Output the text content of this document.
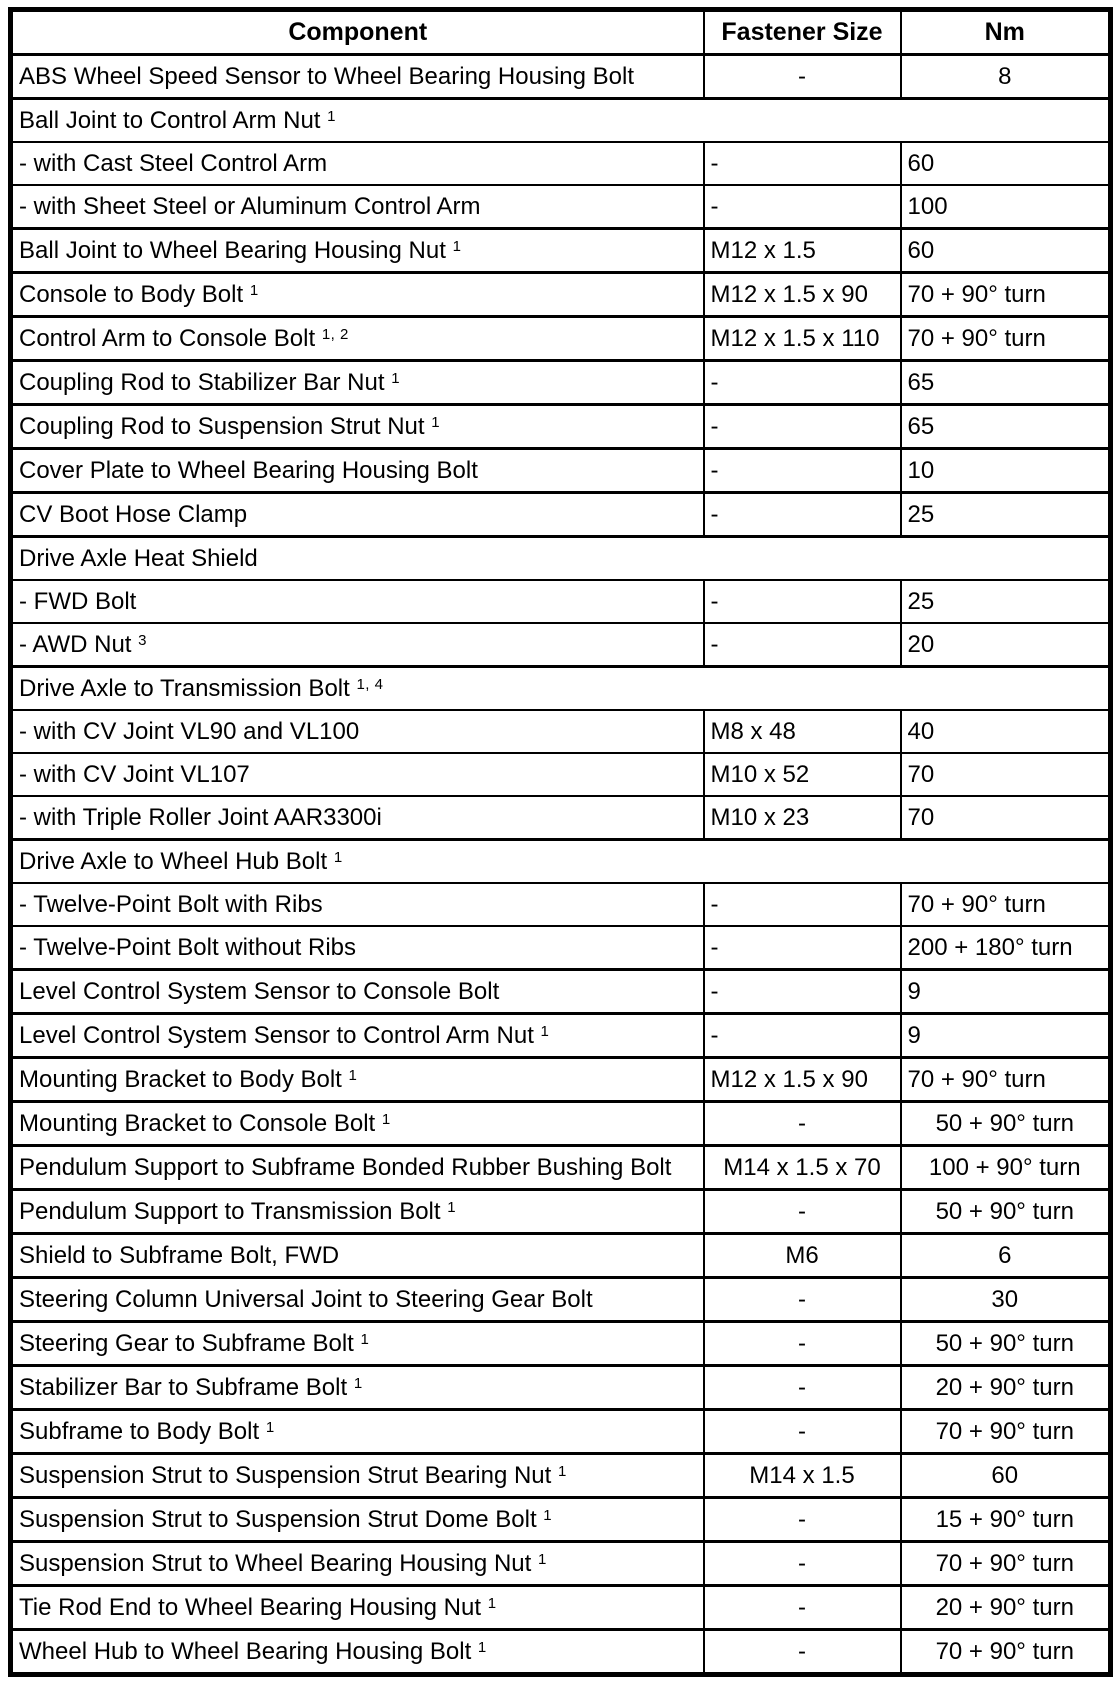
Component	Fastener Size	Nm
ABS Wheel Speed Sensor to Wheel Bearing Housing Bolt	-	8
Ball Joint to Control Arm Nut $^1$
- with Cast Steel Control Arm	-	60
- with Sheet Steel or Aluminum Control Arm	-	100
Ball Joint to Wheel Bearing Housing Nut $^1$	M12 x 1.5	60
Console to Body Bolt $^1$	M12 x 1.5 x 90	70 + 90° turn
Control Arm to Console Bolt $^{1, 2}$	M12 x 1.5 x 110	70 + 90° turn
Coupling Rod to Stabilizer Bar Nut $^1$	-	65
Coupling Rod to Suspension Strut Nut $^1$	-	65
Cover Plate to Wheel Bearing Housing Bolt	-	10
CV Boot Hose Clamp	-	25
Drive Axle Heat Shield		
- FWD Bolt	-	25
- AWD Nut $^3$	-	20
Drive Axle to Transmission Bolt $^{1, 4}$
- with CV Joint VL90 and VL100	M8 x 48	40
- with CV Joint VL107	M10 x 52	70
- with Triple Roller Joint AAR3300i	M10 x 23	70
Drive Axle to Wheel Hub Bolt $^1$
- Twelve-Point Bolt with Ribs	-	70 + 90° turn
- Twelve-Point Bolt without Ribs	-	200 + 180° turn
Level Control System Sensor to Console Bolt	-	9
Level Control System Sensor to Control Arm Nut $^1$	-	9
Mounting Bracket to Body Bolt $^1$	M12 x 1.5 x 90	70 + 90° turn
Mounting Bracket to Console Bolt $^1$	-	50 + 90° turn
Pendulum Support to Subframe Bonded Rubber Bushing Bolt	M14 x 1.5 x 70	100 + 90° turn
Pendulum Support to Transmission Bolt $^1$	-	50 + 90° turn
Shield to Subframe Bolt, FWD	M6	6
Steering Column Universal Joint to Steering Gear Bolt	-	30
Steering Gear to Subframe Bolt $^1$	-	50 + 90° turn
Stabilizer Bar to Subframe Bolt $^1$	-	20 + 90° turn
Subframe to Body Bolt $^1$	-	70 + 90° turn
Suspension Strut to Suspension Strut Bearing Nut $^1$	M14 x 1.5	60
Suspension Strut to Suspension Strut Dome Bolt $^1$	-	15 + 90° turn
Suspension Strut to Wheel Bearing Housing Nut $^1$	-	70 + 90° turn
Tie Rod End to Wheel Bearing Housing Nut $^1$	-	20 + 90° turn
Wheel Hub to Wheel Bearing Housing Bolt $^1$	-	70 + 90° turn
